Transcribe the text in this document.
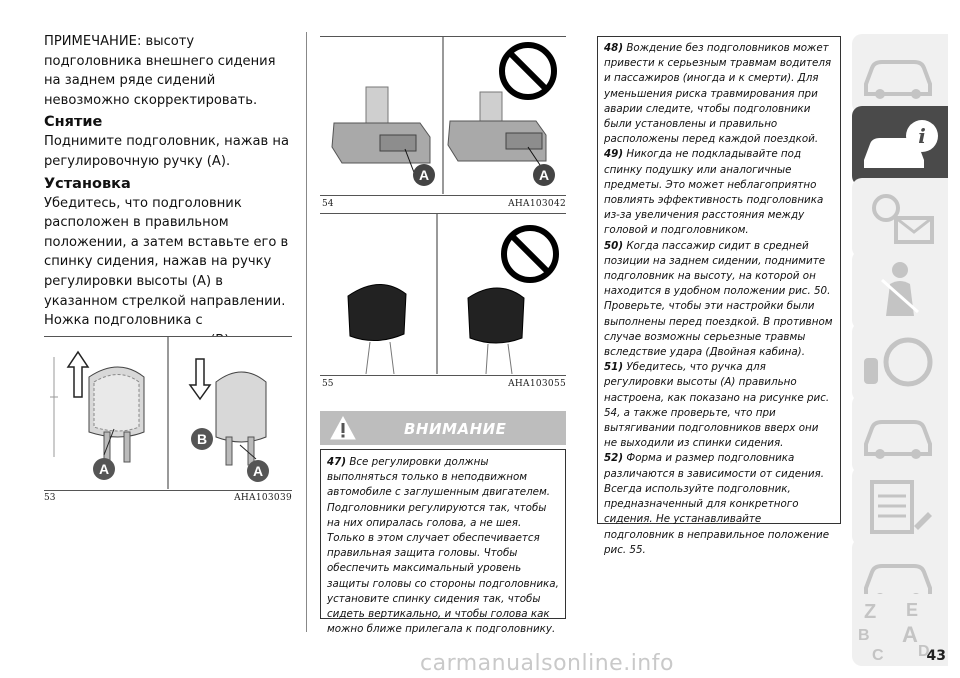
ПРИМЕЧАНИЕ: высоту подголовника внешнего сидения на заднем ряде сидений невозможно скорректировать.

Снятие

Поднимите подголовник, нажав на регулировочную ручку (A).

Установка

Убедитесь, что подголовник расположен в правильном положении, а затем вставьте его в спинку сидения, нажав на ручку регулировки высоты (A) в указанном стрелкой направлении.

Ножка подголовника с

A
B
A
53	AHA103039
A	A
54	AHA103042
55	AHA103055
ВНИМАНИЕ

47) Все регулировки должны выполняться только в неподвижном автомобиле с заглушенным двигателем. Подголовники регулируются так, чтобы на них опиралась голова, а не шея. Только в этом случает обеспечивается правильная защита головы. Чтобы обеспечить максимальный уровень защиты головы со стороны подголовника, установите спинку сидения так, чтобы сидеть вертикально, и чтобы голова как можно ближе прилегала к подголовнику.

48) Вождение без подголовников может привести к серьезным травмам водителя и пассажиров (иногда и к смерти). Для уменьшения риска травмирования при аварии следите, чтобы подголовники были установлены и правильно расположены перед каждой поездкой.

49) Никогда не подкладывайте под спинку подушку или аналогичные предметы. Это может неблагоприятно повлиять эффективность подголовника из-за увеличения расстояния между головой и подголовником.

50) Когда пассажир сидит в средней позиции на заднем сидении, поднимите подголовник на высоту, на которой он находится в удобном положении рис. 50. Проверьте, чтобы эти настройки были выполнены перед поездкой. В противном случае возможны серьезные травмы вследствие удара (Двойная кабина).

51) Убедитесь, что ручка для регулировки высоты (A) правильно настроена, как показано на рисунке рис. 54, а также проверьте, что при вытягивании подголовников вверх они не выходили из спинки сидения.

52) Форма и размер подголовника различаются в зависимости от сидения. Всегда используйте подголовник, предназначенный для конкретного сидения. Не устанавливайте подголовник в неправильное положение рис. 55.

i
Z E
B A
C D
43
carmanualsonline.info
